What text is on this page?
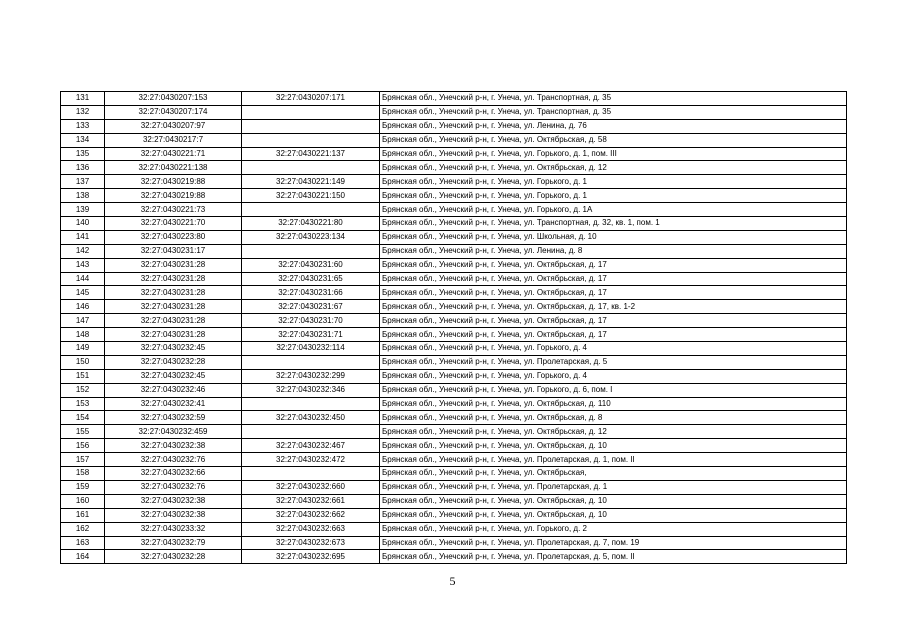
131	32:27:0430207:153	32:27:0430207:171	Брянская обл., Унечский р-н, г. Унеча, ул. Транспортная, д. 35
132	32:27:0430207:174		Брянская обл., Унечский р-н, г. Унеча, ул. Транспортная, д. 35
133	32:27:0430207:97		Брянская обл., Унечский р-н, г. Унеча, ул. Ленина, д. 76
134	32:27:0430217:7		Брянская обл., Унечский р-н, г. Унеча, ул. Октябрьская, д. 58
135	32:27:0430221:71	32:27:0430221:137	Брянская обл., Унечский р-н, г. Унеча, ул. Горького, д. 1, пом. III
136	32:27:0430221:138		Брянская обл., Унечский р-н, г. Унеча, ул. Октябрьская, д. 12
137	32:27:0430219:88	32:27:0430221:149	Брянская обл., Унечский р-н, г. Унеча, ул. Горького, д. 1
138	32:27:0430219:88	32:27:0430221:150	Брянская обл., Унечский р-н, г. Унеча, ул. Горького, д. 1
139	32:27:0430221:73		Брянская обл., Унечский р-н, г. Унеча, ул. Горького, д. 1А
140	32:27:0430221:70	32:27:0430221:80	Брянская обл., Унечский р-н, г. Унеча, ул. Транспортная, д. 32, кв. 1, пом. 1
141	32:27:0430223:80	32:27:0430223:134	Брянская обл., Унечский р-н, г. Унеча, ул. Школьная, д. 10
142	32:27:0430231:17		Брянская обл., Унечский р-н, г. Унеча, ул. Ленина, д. 8
143	32:27:0430231:28	32:27:0430231:60	Брянская обл., Унечский р-н, г. Унеча, ул. Октябрьская, д. 17
144	32:27:0430231:28	32:27:0430231:65	Брянская обл., Унечский р-н, г. Унеча, ул. Октябрьская, д. 17
145	32:27:0430231:28	32:27:0430231:66	Брянская обл., Унечский р-н, г. Унеча, ул. Октябрьская, д. 17
146	32:27:0430231:28	32:27:0430231:67	Брянская обл., Унечский р-н, г. Унеча, ул. Октябрьская, д. 17, кв. 1-2
147	32:27:0430231:28	32:27:0430231:70	Брянская обл., Унечский р-н, г. Унеча, ул. Октябрьская, д. 17
148	32:27:0430231:28	32:27:0430231:71	Брянская обл., Унечский р-н, г. Унеча, ул. Октябрьская, д. 17
149	32:27:0430232:45	32:27:0430232:114	Брянская обл., Унечский р-н, г. Унеча, ул. Горького, д. 4
150	32:27:0430232:28		Брянская обл., Унечский р-н, г. Унеча, ул. Пролетарская, д. 5
151	32:27:0430232:45	32:27:0430232:299	Брянская обл., Унечский р-н, г. Унеча, ул. Горького, д. 4
152	32:27:0430232:46	32:27:0430232:346	Брянская обл., Унечский р-н, г. Унеча, ул. Горького, д. 6, пом. I
153	32:27:0430232:41		Брянская обл., Унечский р-н, г. Унеча, ул. Октябрьская, д. 110
154	32:27:0430232:59	32:27:0430232:450	Брянская обл., Унечский р-н, г. Унеча, ул. Октябрьская, д. 8
155	32:27:0430232:459		Брянская обл., Унечский р-н, г. Унеча, ул. Октябрьская, д. 12
156	32:27:0430232:38	32:27:0430232:467	Брянская обл., Унечский р-н, г. Унеча, ул. Октябрьская, д. 10
157	32:27:0430232:76	32:27:0430232:472	Брянская обл., Унечский р-н, г. Унеча, ул. Пролетарская, д. 1, пом. II
158	32:27:0430232:66		Брянская обл., Унечский р-н, г. Унеча, ул. Октябрьская,
159	32:27:0430232:76	32:27:0430232:660	Брянская обл., Унечский р-н, г. Унеча, ул. Пролетарская, д. 1
160	32:27:0430232:38	32:27:0430232:661	Брянская обл., Унечский р-н, г. Унеча, ул. Октябрьская, д. 10
161	32:27:0430232:38	32:27:0430232:662	Брянская обл., Унечский р-н, г. Унеча, ул. Октябрьская, д. 10
162	32:27:0430233:32	32:27:0430232:663	Брянская обл., Унечский р-н, г. Унеча, ул. Горького, д. 2
163	32:27:0430232:79	32:27:0430232:673	Брянская обл., Унечский р-н, г. Унеча, ул. Пролетарская, д. 7, пом. 19
164	32:27:0430232:28	32:27:0430232:695	Брянская обл., Унечский р-н, г. Унеча, ул. Пролетарская, д. 5, пом. II
5
